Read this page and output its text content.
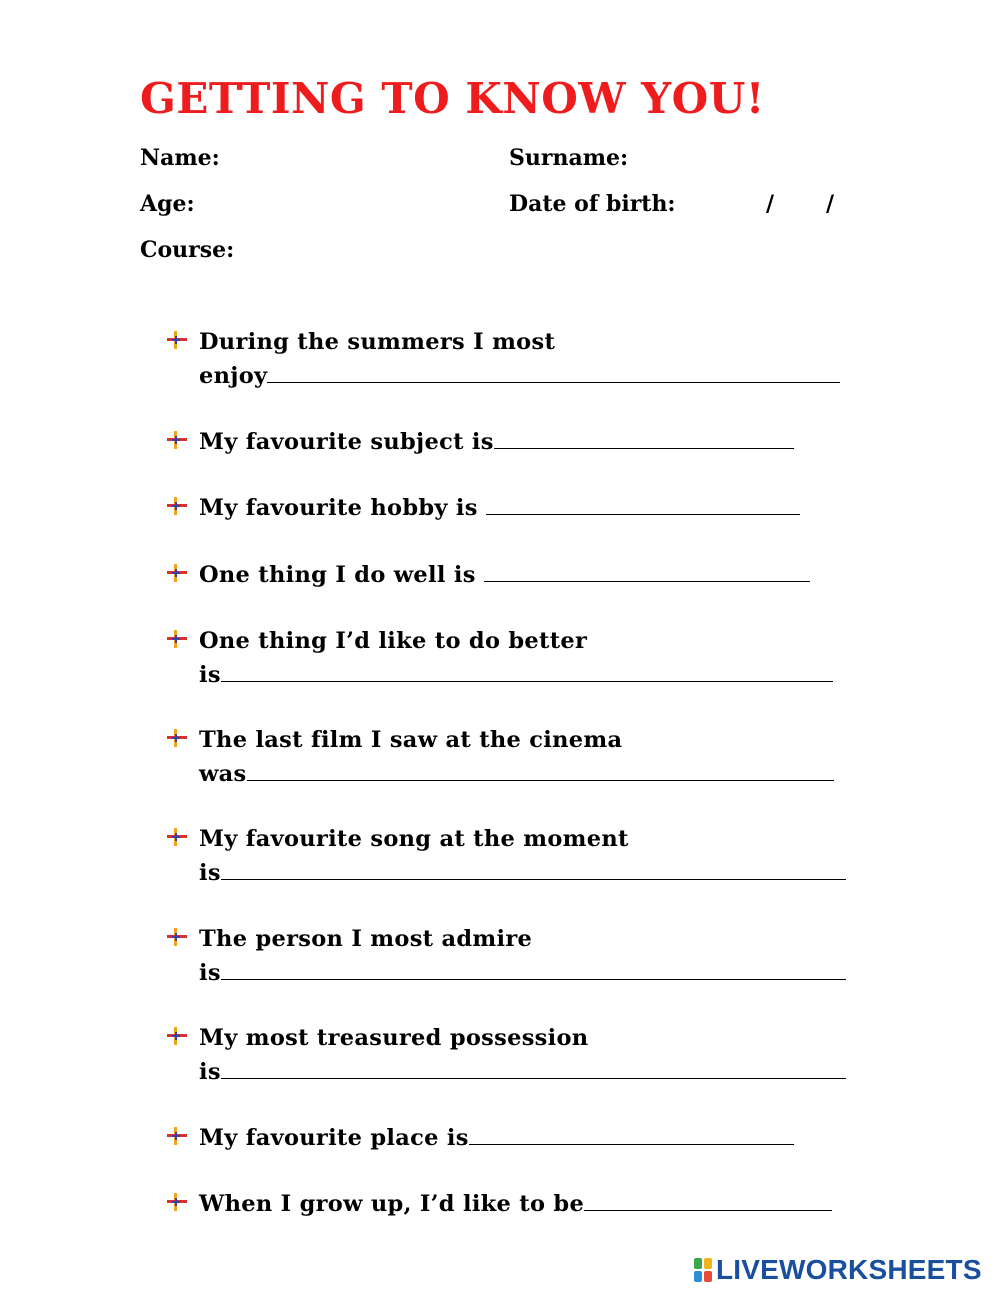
GETTING TO KNOW YOU!
Name:	Surname:
Age:	Date of birth:	/ /
Course:
During the summers I most
enjoy
My favourite subject is
My favourite hobby is
One thing I do well is
One thing I’d like to do better
is
The last film I saw at the cinema
was
My favourite song at the moment
is
The person I most admire
is
My most treasured possession
is
My favourite place is
When I grow up, I’d like to be
LIVEWORKSHEETS
